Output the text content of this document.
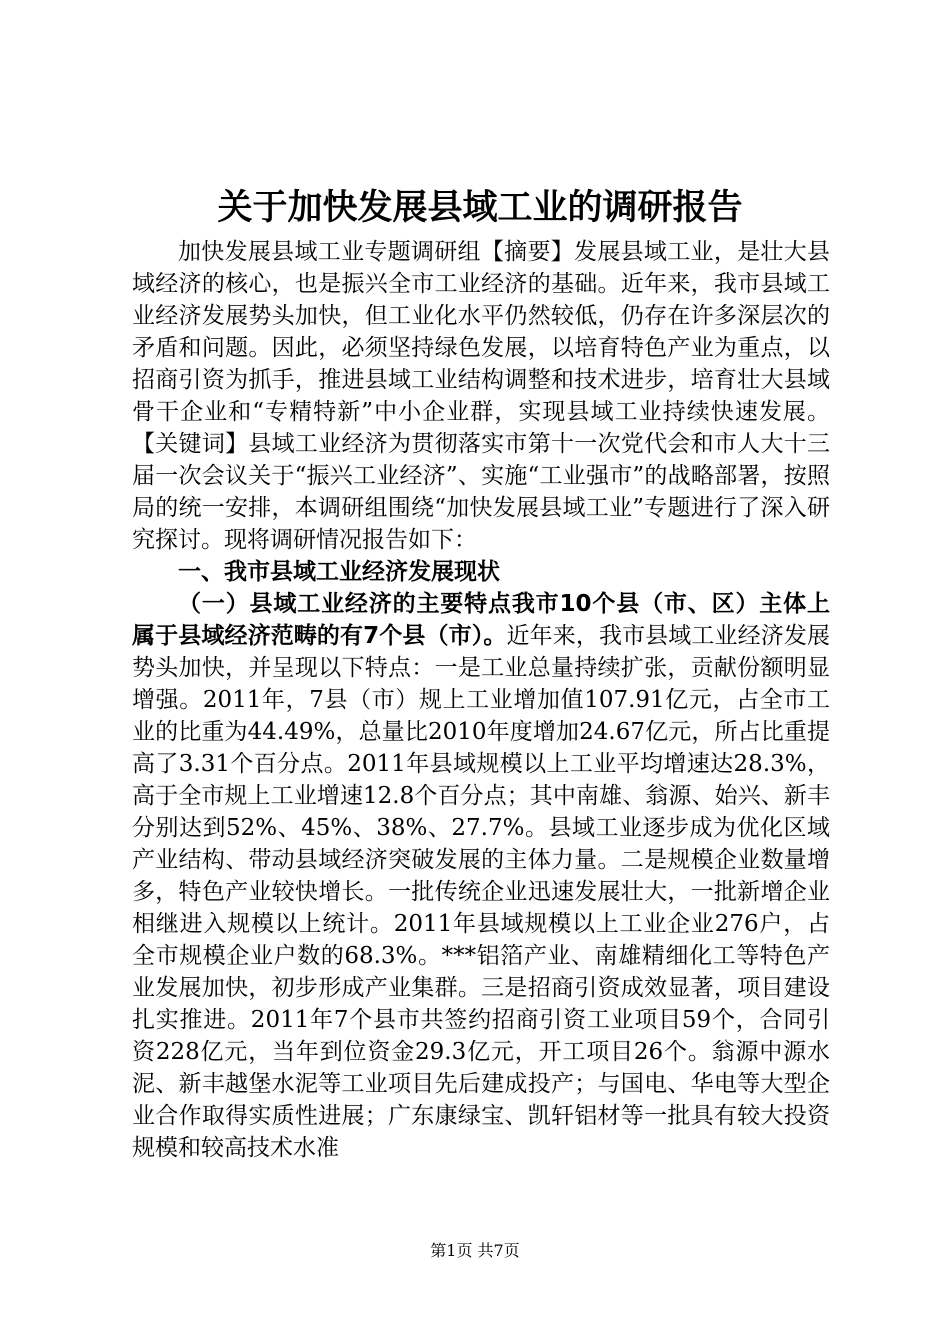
关于加快发展县域工业的调研报告

加快发展县域工业专题调研组【摘要】发展县域工业，是壮大县域经济的核心，也是振兴全市工业经济的基础。近年来，我市县域工业经济发展势头加快，但工业化水平仍然较低，仍存在许多深层次的矛盾和问题。因此，必须坚持绿色发展，以培育特色产业为重点，以招商引资为抓手，推进县域工业结构调整和技术进步，培育壮大县域骨干企业和“专精特新”中小企业群，实现县域工业持续快速发展。【关键词】县域工业经济为贯彻落实市第十一次党代会和市人大十三届一次会议关于“振兴工业经济”、实施“工业强市”的战略部署，按照局的统一安排，本调研组围绕“加快发展县域工业”专题进行了深入研究探讨。现将调研情况报告如下：

一、我市县域工业经济发展现状

（一）县域工业经济的主要特点我市10个县（市、区）主体上属于县域经济范畴的有7个县（市）。近年来，我市县域工业经济发展势头加快，并呈现以下特点：一是工业总量持续扩张，贡献份额明显增强。2011年，7县（市）规上工业增加值107.91亿元，占全市工业的比重为44.49%，总量比2010年度增加24.67亿元，所占比重提高了3.31个百分点。2011年县域规模以上工业平均增速达28.3%，高于全市规上工业增速12.8个百分点；其中南雄、翁源、始兴、新丰分别达到52%、45%、38%、27.7%。县域工业逐步成为优化区域产业结构、带动县域经济突破发展的主体力量。二是规模企业数量增多，特色产业较快增长。一批传统企业迅速发展壮大，一批新增企业相继进入规模以上统计。2011年县域规模以上工业企业276户，占全市规模企业户数的68.3%。***铝箔产业、南雄精细化工等特色产业发展加快，初步形成产业集群。三是招商引资成效显著，项目建设扎实推进。2011年7个县市共签约招商引资工业项目59个，合同引资228亿元，当年到位资金29.3亿元，开工项目26个。翁源中源水泥、新丰越堡水泥等工业项目先后建成投产；与国电、华电等大型企业合作取得实质性进展；广东康绿宝、凯轩铝材等一批具有较大投资规模和较高技术水准

第1页 共7页
